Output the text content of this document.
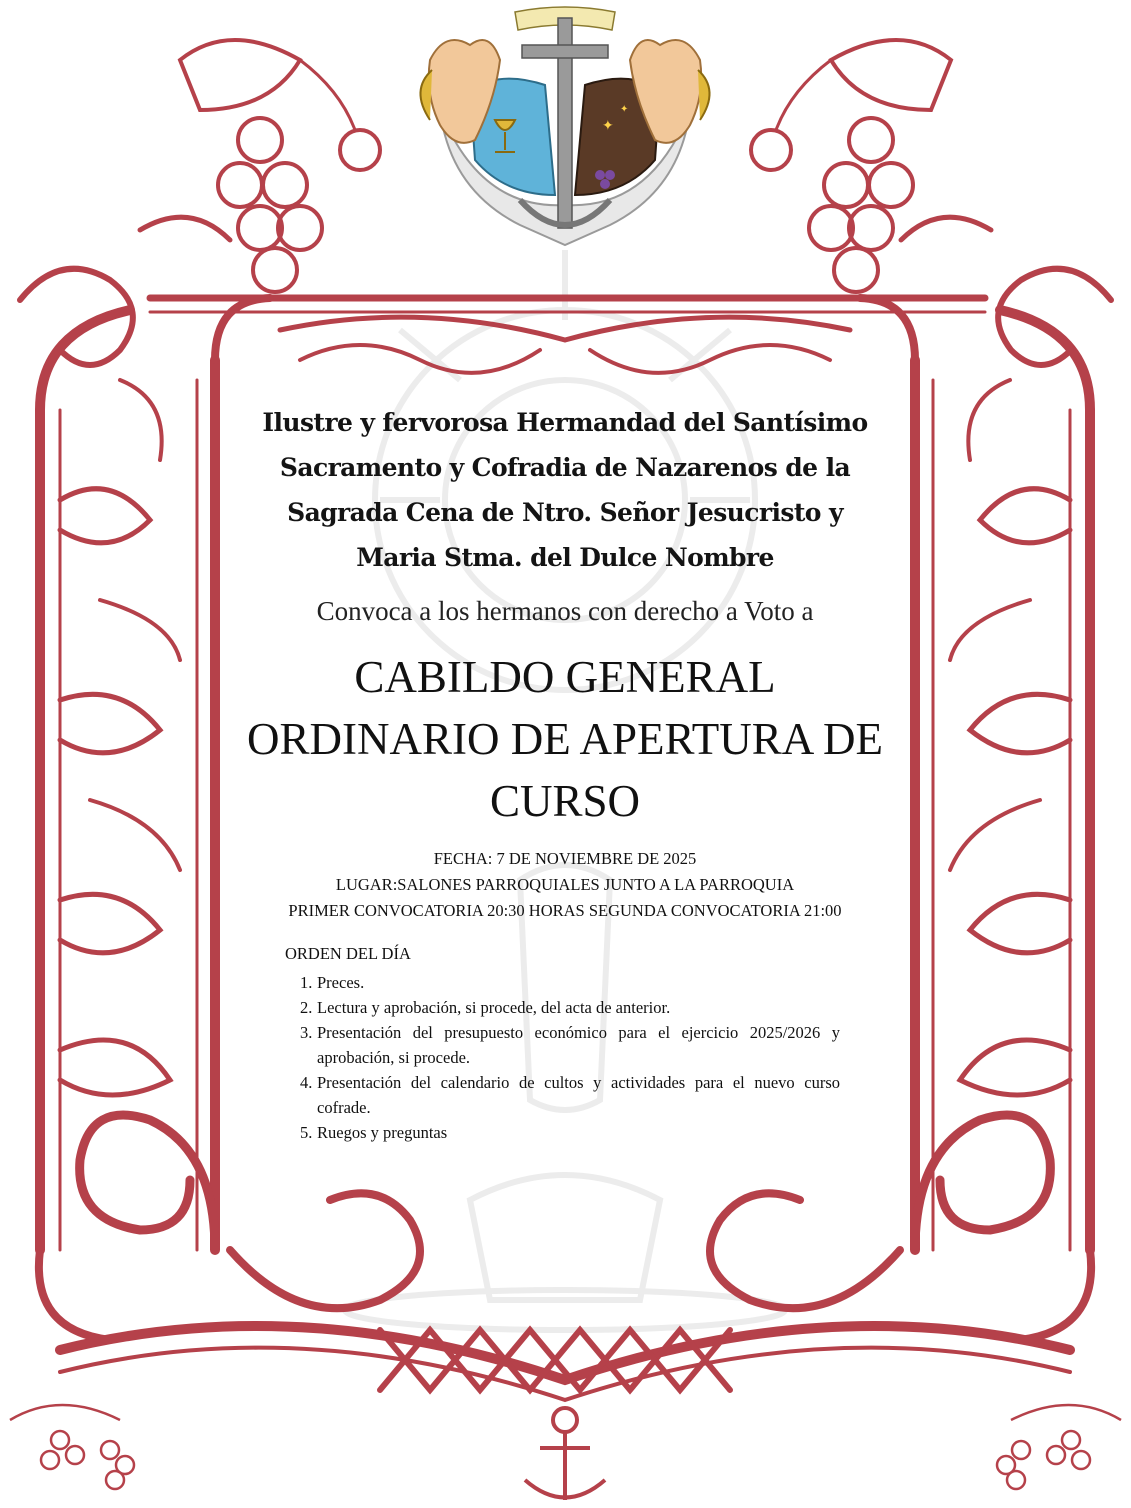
✦
✦
Ilustre y fervorosa Hermandad del Santísimo
Sacramento y Cofradia de Nazarenos de la
Sagrada Cena de Ntro. Señor Jesucristo y
Maria Stma. del Dulce Nombre
Convoca a los hermanos con derecho a Voto a
CABILDO GENERAL
ORDINARIO DE APERTURA DE
CURSO
FECHA: 7 DE NOVIEMBRE DE 2025
LUGAR:SALONES PARROQUIALES JUNTO A LA PARROQUIA
PRIMER CONVOCATORIA 20:30 HORAS SEGUNDA CONVOCATORIA 21:00
ORDEN DEL DÍA
1. Preces.
2. Lectura y aprobación, si procede, del acta de anterior.
3. Presentación del presupuesto económico para el ejercicio 2025/2026 y aprobación, si procede.
4. Presentación del calendario de cultos y actividades para el nuevo curso cofrade.
5. Ruegos y preguntas
